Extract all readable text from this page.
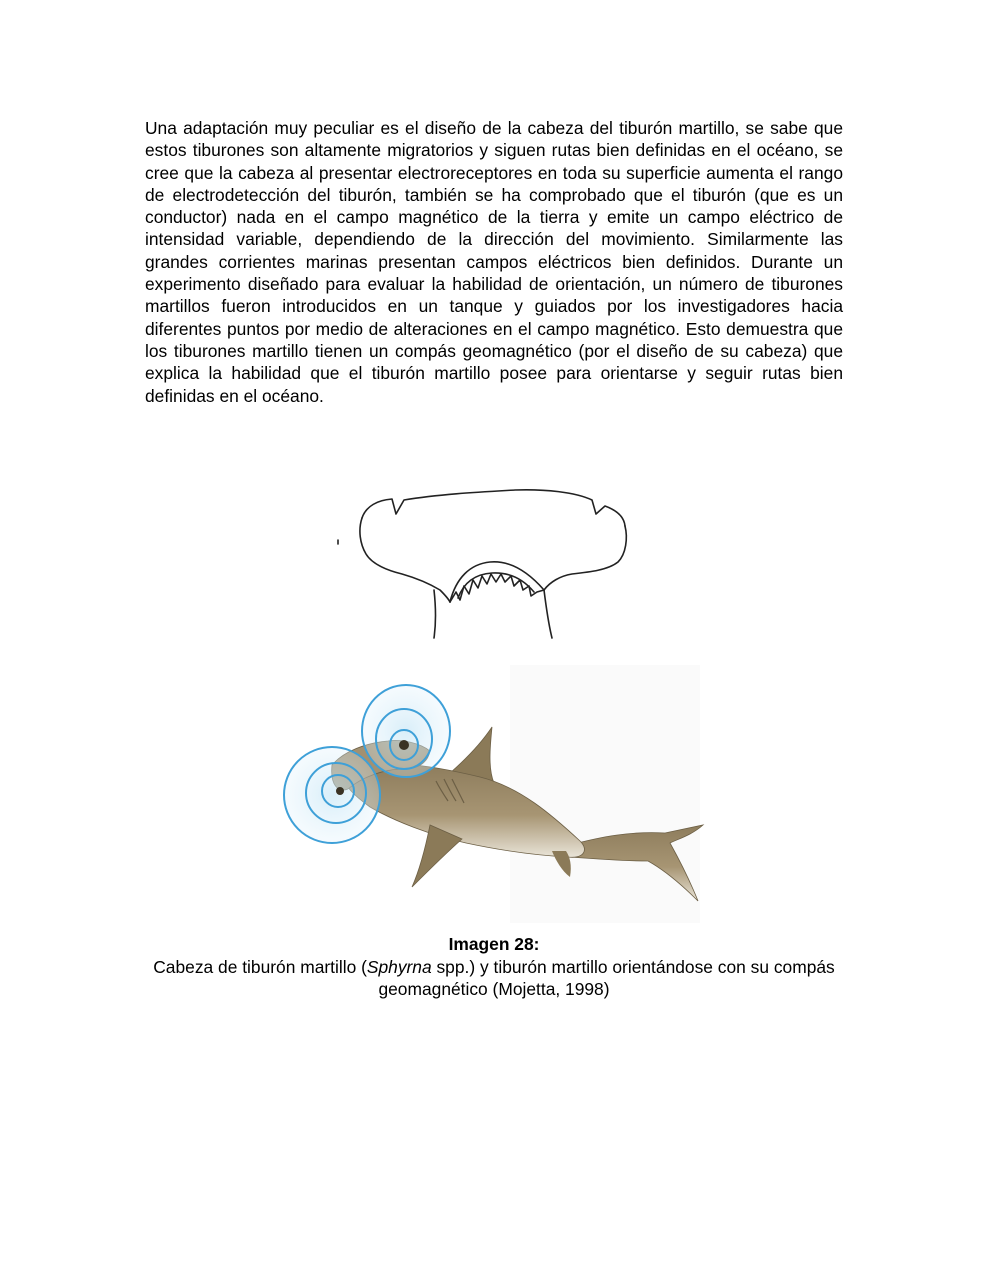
Una adaptación muy peculiar es el diseño de la cabeza del tiburón martillo, se sabe que estos tiburones son altamente migratorios y siguen rutas bien definidas en el océano, se cree que la cabeza al presentar electroreceptores en toda su superficie aumenta el rango de electrodetección del tiburón, también se ha comprobado que el tiburón (que es un conductor) nada en el campo magnético de la tierra y emite un campo eléctrico de intensidad variable, dependiendo de la dirección del movimiento. Similarmente las grandes corrientes marinas presentan campos eléctricos bien definidos. Durante un experimento diseñado para evaluar la habilidad de orientación, un número de tiburones martillos fueron introducidos en un tanque y guiados por los investigadores hacia diferentes puntos por medio de alteraciones en el campo magnético. Esto demuestra que los tiburones martillo tienen un compás geomagnético (por el diseño de su cabeza) que explica la habilidad que el tiburón martillo posee para orientarse y seguir rutas bien definidas en el océano.

Imagen 28:
Cabeza de tiburón martillo (Sphyrna spp.) y tiburón martillo orientándose con su compás geomagnético (Mojetta, 1998)
